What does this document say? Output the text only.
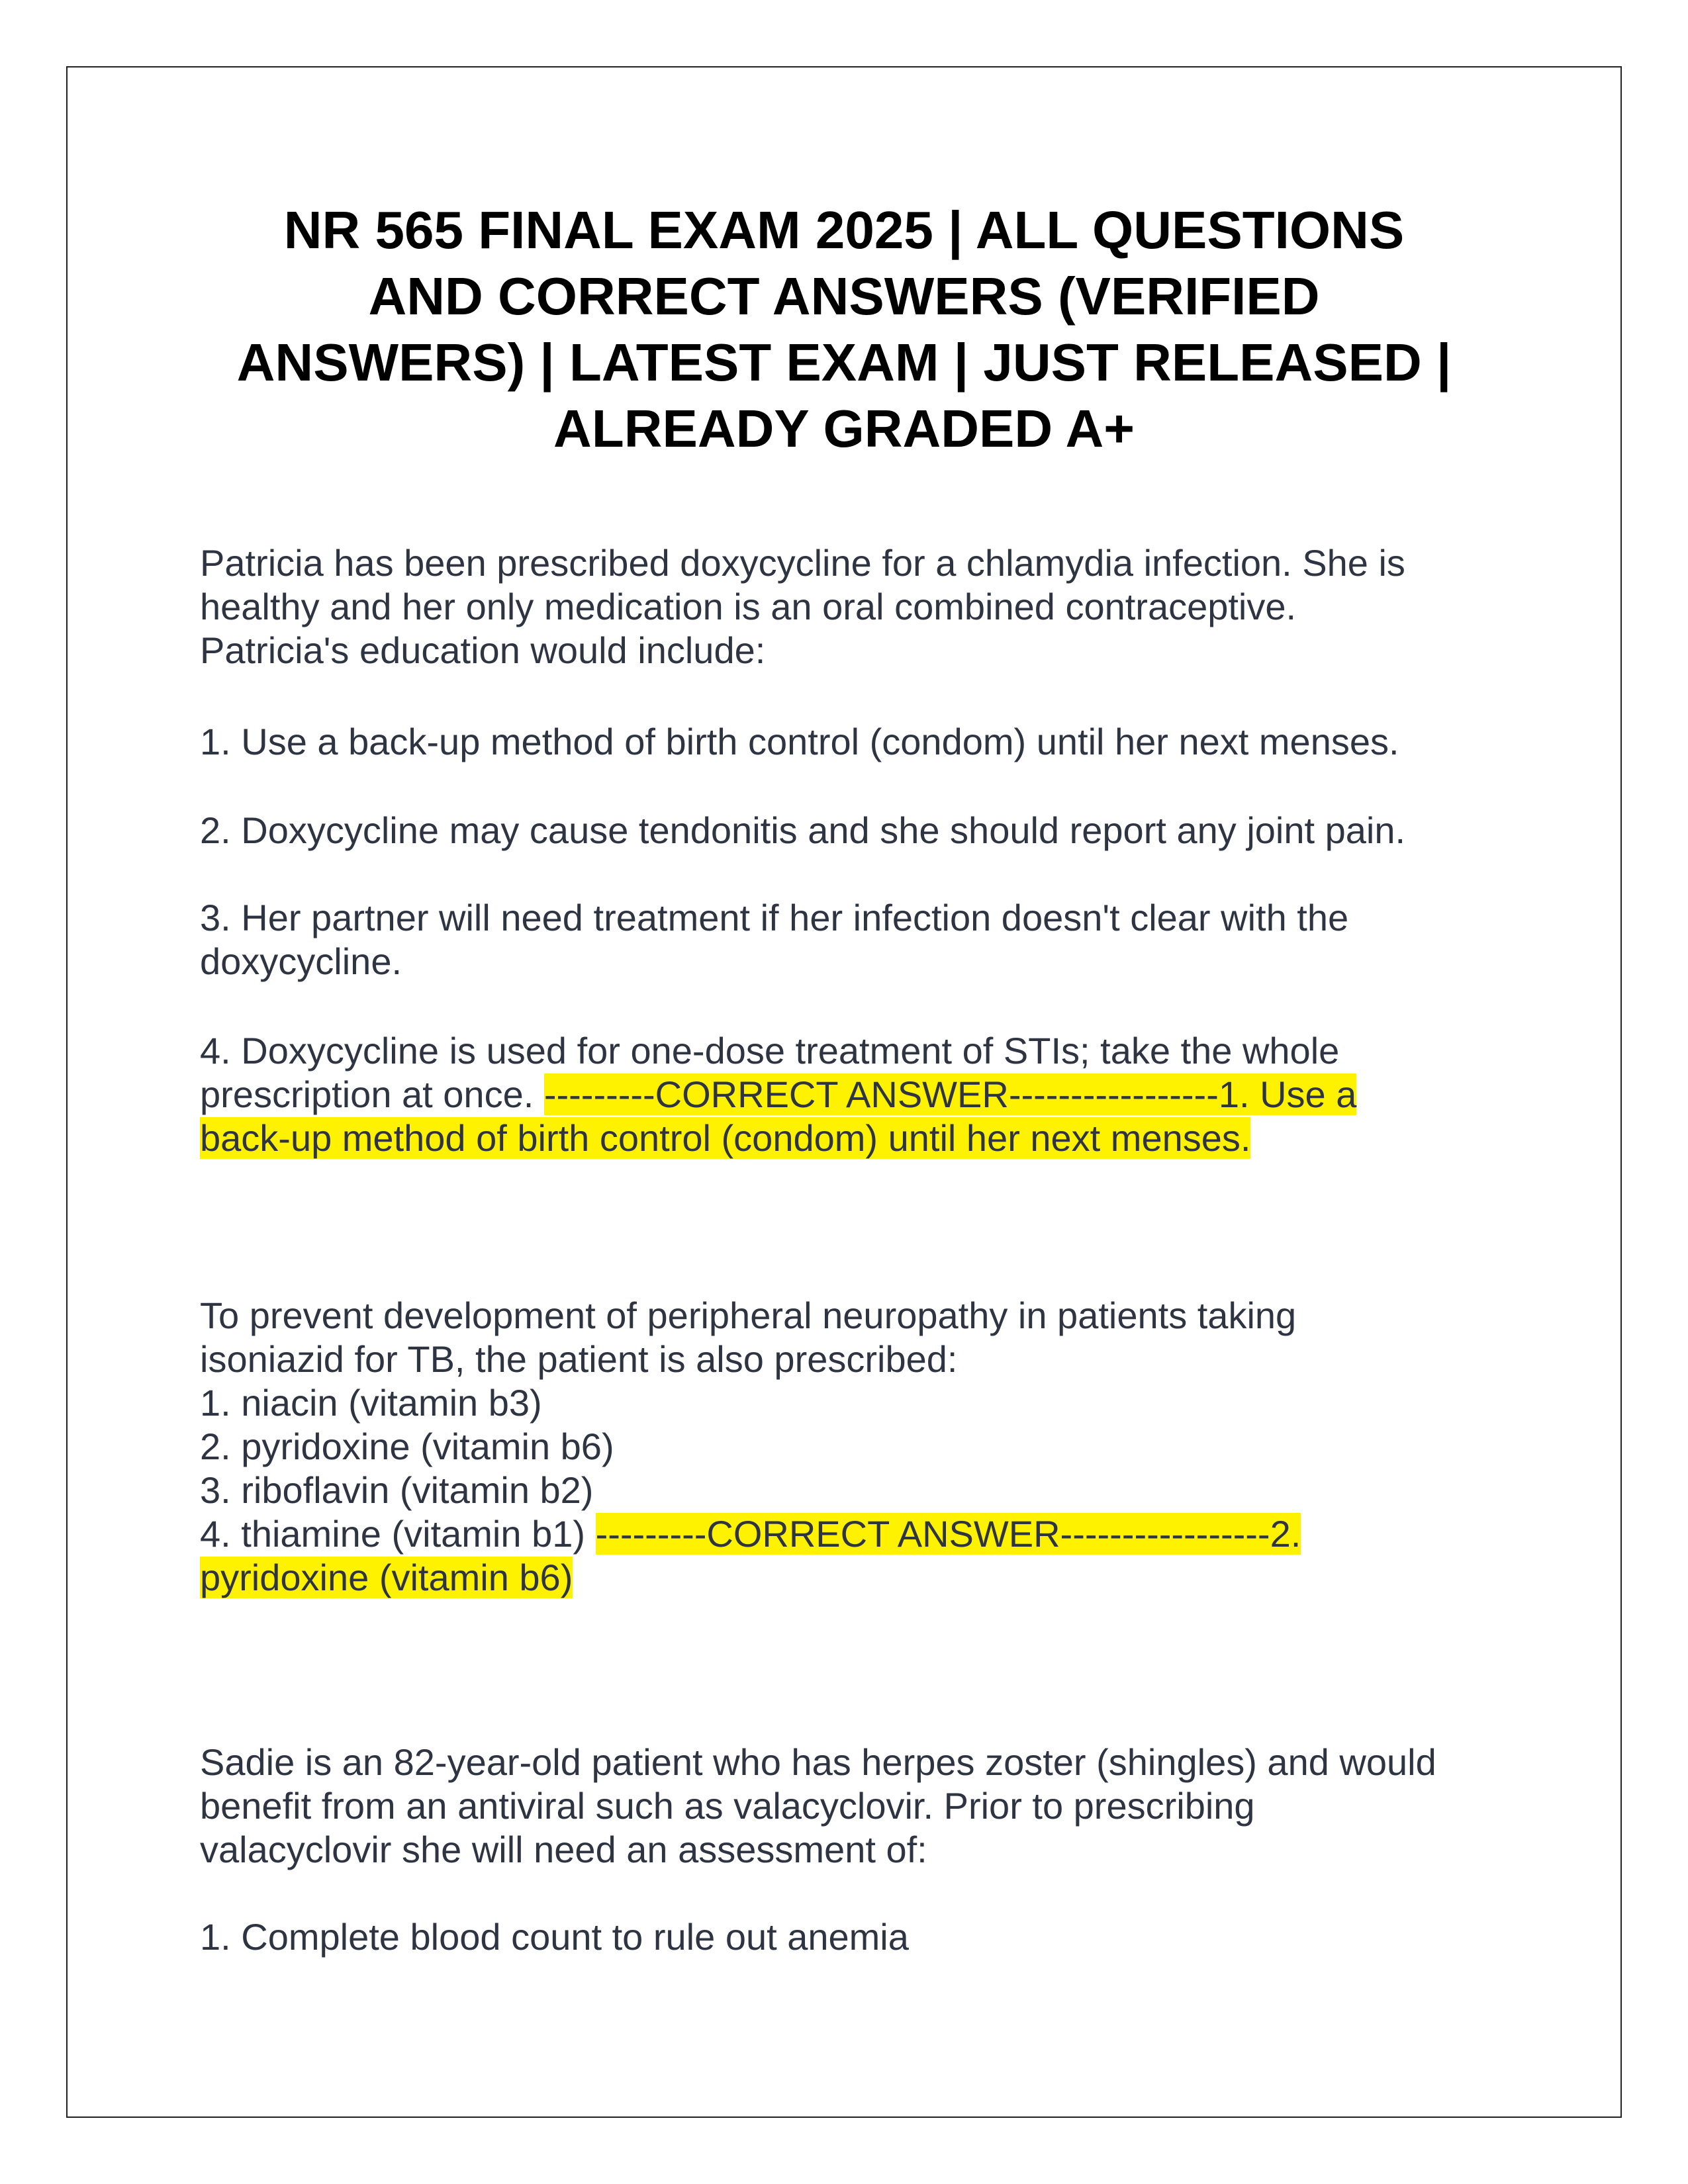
NR 565 FINAL EXAM 2025 | ALL QUESTIONS
AND CORRECT ANSWERS (VERIFIED
ANSWERS) | LATEST EXAM | JUST RELEASED |
ALREADY GRADED A+

Patricia has been prescribed doxycycline for a chlamydia infection. She is
healthy and her only medication is an oral combined contraceptive.
Patricia's education would include:

1. Use a back-up method of birth control (condom) until her next menses.

2. Doxycycline may cause tendonitis and she should report any joint pain.

3. Her partner will need treatment if her infection doesn't clear with the
doxycycline.

4. Doxycycline is used for one-dose treatment of STIs; take the whole
prescription at once. ---------CORRECT ANSWER-----------------1. Use a
back-up method of birth control (condom) until her next menses.

To prevent development of peripheral neuropathy in patients taking
isoniazid for TB, the patient is also prescribed:
1. niacin (vitamin b3)
2. pyridoxine (vitamin b6)
3. riboflavin (vitamin b2)
4. thiamine (vitamin b1) ---------CORRECT ANSWER-----------------2.
pyridoxine (vitamin b6)

Sadie is an 82-year-old patient who has herpes zoster (shingles) and would
benefit from an antiviral such as valacyclovir. Prior to prescribing
valacyclovir she will need an assessment of:

1. Complete blood count to rule out anemia
